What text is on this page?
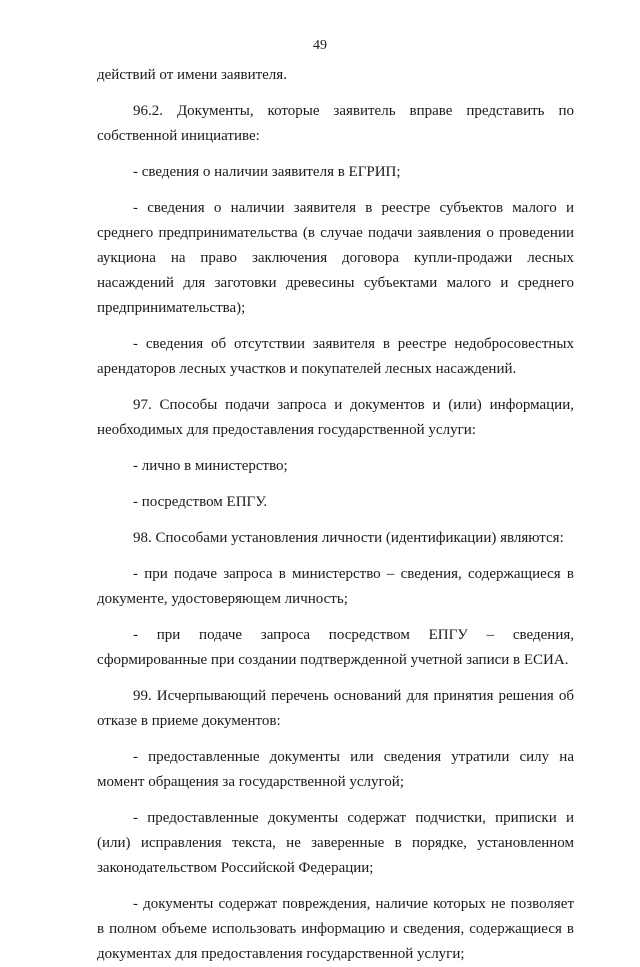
49

действий от имени заявителя.

96.2. Документы, которые заявитель вправе представить по собственной инициативе:

- сведения о наличии заявителя в ЕГРИП;

- сведения о наличии заявителя в реестре субъектов малого и среднего предпринимательства (в случае подачи заявления о проведении аукциона на право заключения договора купли-продажи лесных насаждений для заготовки древесины субъектами малого и среднего предпринимательства);

- сведения об отсутствии заявителя в реестре недобросовестных арендаторов лесных участков и покупателей лесных насаждений.

97. Способы подачи запроса и документов и (или) информации, необходимых для предоставления государственной услуги:

- лично в министерство;

- посредством ЕПГУ.

98. Способами установления личности (идентификации) являются:

- при подаче запроса в министерство – сведения, содержащиеся в документе, удостоверяющем личность;

- при подаче запроса посредством ЕПГУ – сведения, сформированные при создании подтвержденной учетной записи в ЕСИА.

99. Исчерпывающий перечень оснований для принятия решения об отказе в приеме документов:

- предоставленные документы или сведения утратили силу на момент обращения за государственной услугой;

- предоставленные документы содержат подчистки, приписки и (или) исправления текста, не заверенные в порядке, установленном законодательством Российской Федерации;

- документы содержат повреждения, наличие которых не позволяет в полном объеме использовать информацию и сведения, содержащиеся в документах для предоставления государственной услуги;
